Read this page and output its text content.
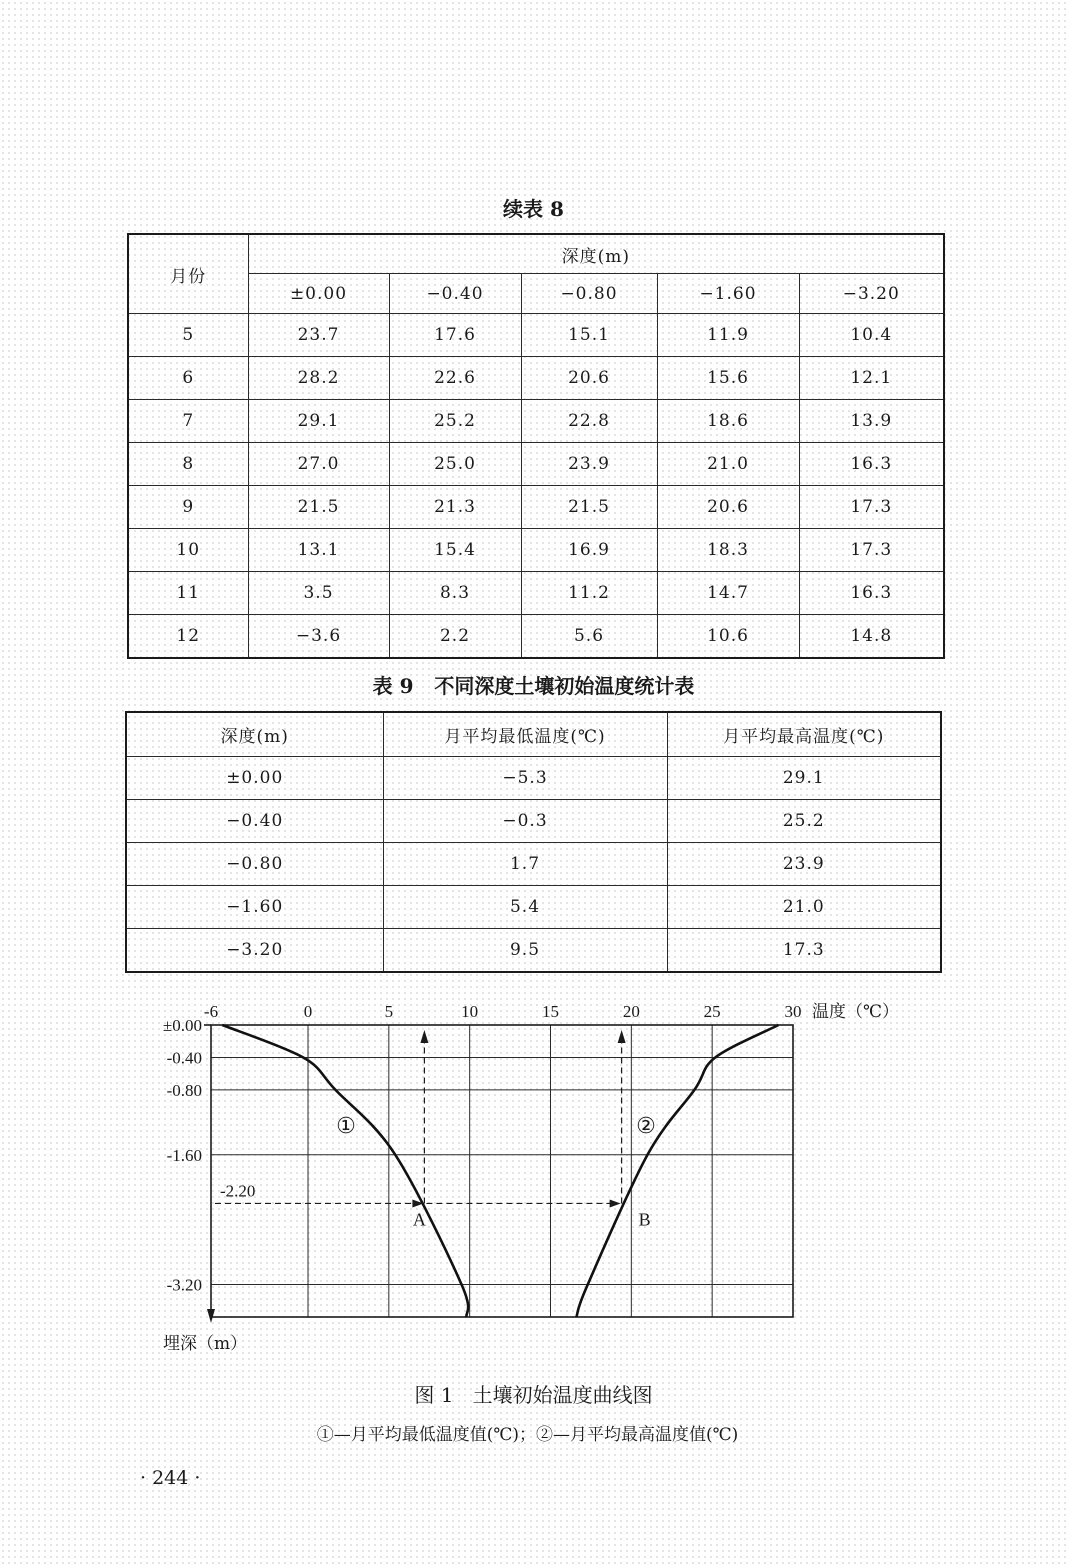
续表 8
月份	深度(m)				
	±0.00	−0.40	−0.80	−1.60	−3.20
5	23.7	17.6	15.1	11.9	10.4
6	28.2	22.6	20.6	15.6	12.1
7	29.1	25.2	22.8	18.6	13.9
8	27.0	25.0	23.9	21.0	16.3
9	21.5	21.3	21.5	20.6	17.3
10	13.1	15.4	16.9	18.3	17.3
11	3.5	8.3	11.2	14.7	16.3
12	−3.6	2.2	5.6	10.6	14.8
表 9   不同深度土壤初始温度统计表
深度(m)	月平均最低温度(℃)	月平均最高温度(℃)
±0.00	−5.3	29.1
−0.40	−0.3	25.2
−0.80	1.7	23.9
−1.60	5.4	21.0
−3.20	9.5	17.3
-6	0	5	10	15	20	25	30
±0.00
-0.40
-0.80
-1.60
-3.20
温度（℃）
埋深（m）
①	②
-2.20
A	B
图 1   土壤初始温度曲线图
①—月平均最低温度值(℃)；②—月平均最高温度值(℃)
· 244 ·
